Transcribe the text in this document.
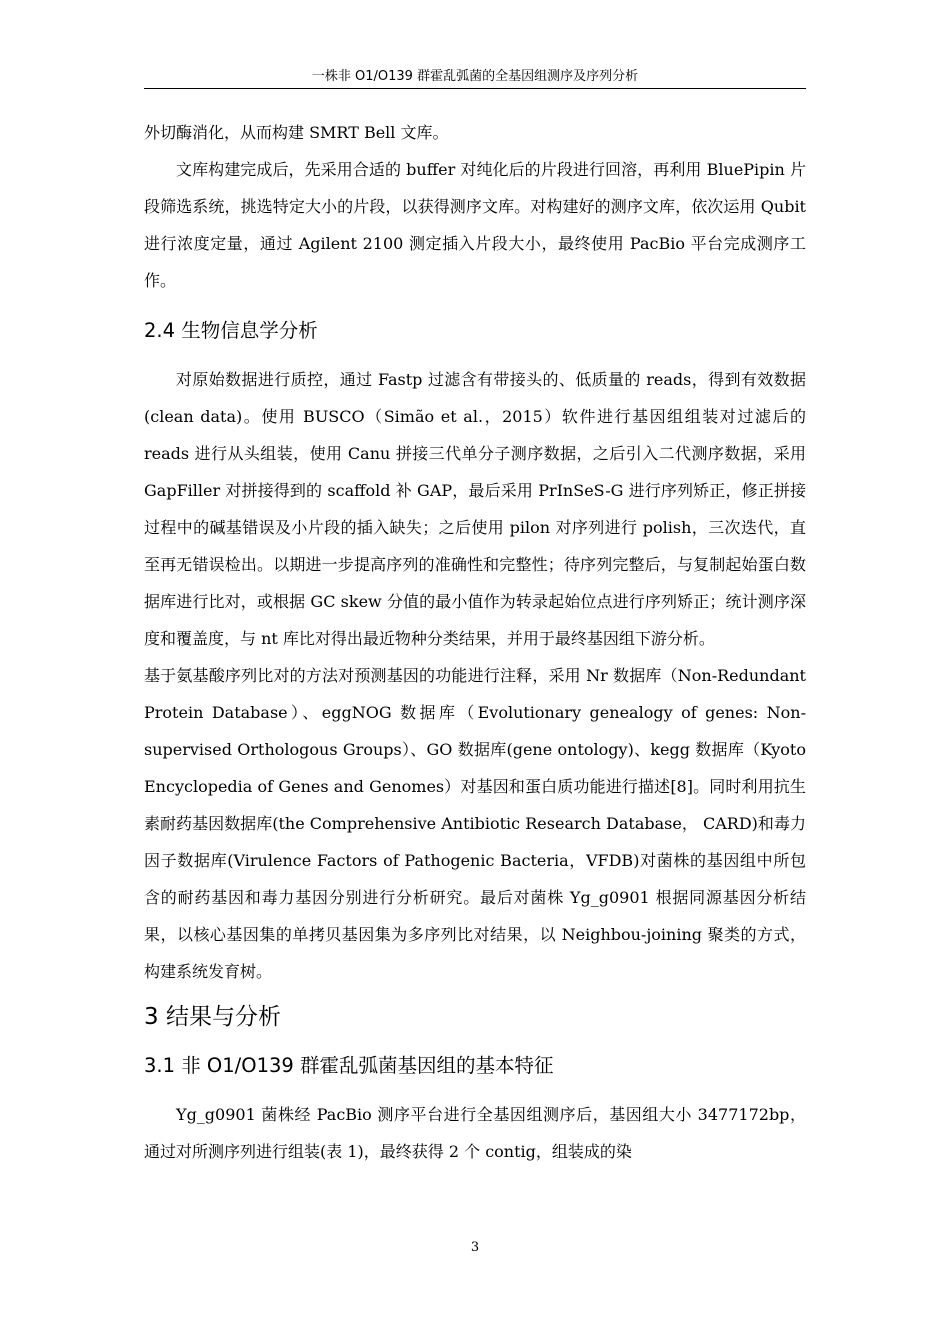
一株非 O1/O139 群霍乱弧菌的全基因组测序及序列分析

外切酶消化，从而构建 SMRT Bell 文库。

文库构建完成后，先采用合适的 buffer 对纯化后的片段进行回溶，再利用 BluePipin 片段筛选系统，挑选特定大小的片段，以获得测序文库。对构建好的测序文库，依次运用 Qubit 进行浓度定量，通过 Agilent 2100 测定插入片段大小，最终使用 PacBio 平台完成测序工作。

2.4 生物信息学分析

对原始数据进行质控，通过 Fastp 过滤含有带接头的、低质量的 reads，得到有效数据(clean data)。使用 BUSCO（Simão et al.，2015）软件进行基因组组装对过滤后的 reads 进行从头组装，使用 Canu 拼接三代单分子测序数据，之后引入二代测序数据，采用 GapFiller 对拼接得到的 scaffold 补 GAP，最后采用 PrInSeS-G 进行序列矫正，修正拼接过程中的碱基错误及小片段的插入缺失；之后使用 pilon 对序列进行 polish，三次迭代，直至再无错误检出。以期进一步提高序列的准确性和完整性；待序列完整后，与复制起始蛋白数据库进行比对，或根据 GC skew 分值的最小值作为转录起始位点进行序列矫正；统计测序深度和覆盖度，与 nt 库比对得出最近物种分类结果，并用于最终基因组下游分析。

基于氨基酸序列比对的方法对预测基因的功能进行注释，采用 Nr 数据库（Non-Redundant Protein Database）、eggNOG 数据库（Evolutionary genealogy of genes: Non-supervised Orthologous Groups）、GO 数据库(gene ontology)、kegg 数据库（Kyoto Encyclopedia of Genes and Genomes）对基因和蛋白质功能进行描述[8]。同时利用抗生素耐药基因数据库(the Comprehensive Antibiotic Research Database， CARD)和毒力因子数据库(Virulence Factors of Pathogenic Bacteria，VFDB)对菌株的基因组中所包含的耐药基因和毒力基因分别进行分析研究。最后对菌株 Yg_g0901 根据同源基因分析结果，以核心基因集的单拷贝基因集为多序列比对结果，以 Neighbou-joining 聚类的方式，构建系统发育树。

3 结果与分析
3.1 非 O1/O139 群霍乱弧菌基因组的基本特征

Yg_g0901 菌株经 PacBio 测序平台进行全基因组测序后，基因组大小 3477172bp，通过对所测序列进行组装(表 1)，最终获得 2 个 contig，组装成的染

3
